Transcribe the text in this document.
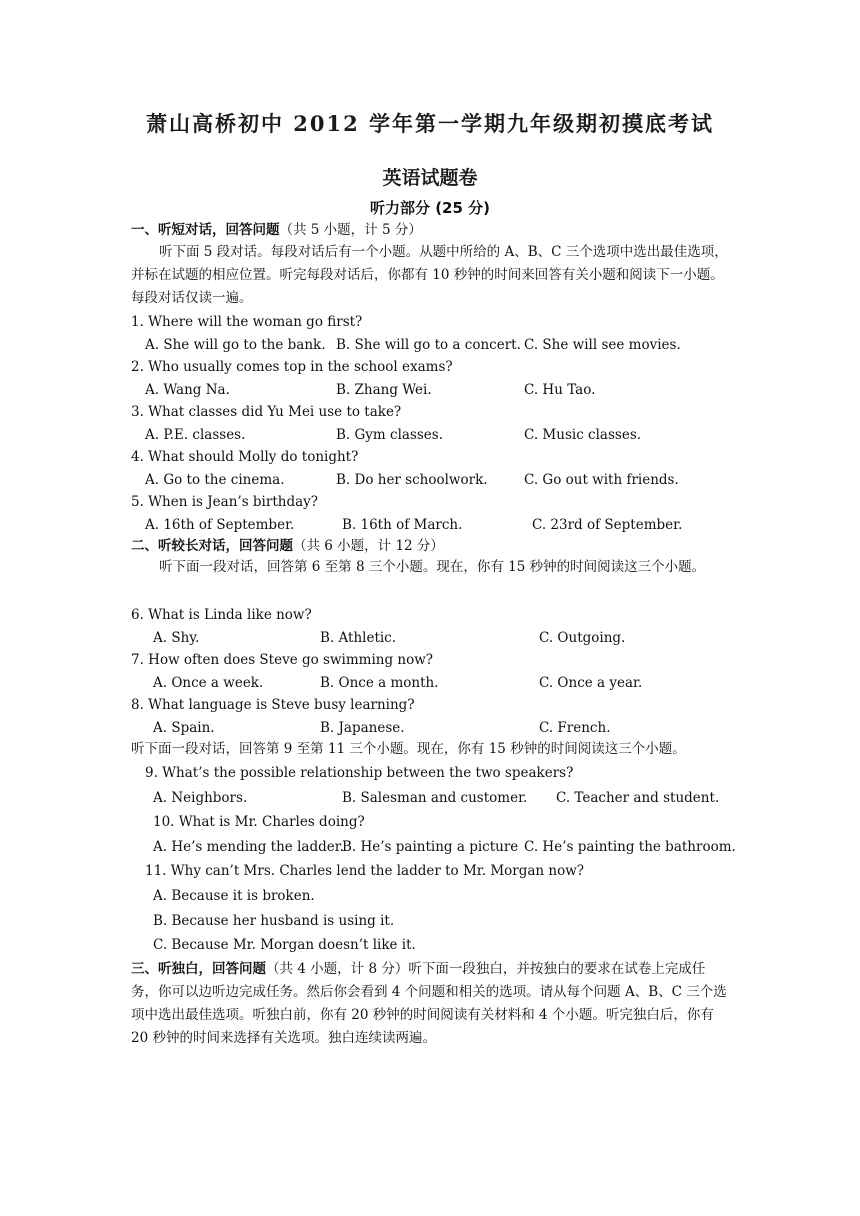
萧山高桥初中 2012 学年第一学期九年级期初摸底考试
英语试题卷
听力部分 (25 分)
一、听短对话，回答问题（共 5 小题，计 5 分）
听下面 5 段对话。每段对话后有一个小题。从题中所给的 A、B、C 三个选项中选出最佳选项，并标在试题的相应位置。听完每段对话后，你都有 10 秒钟的时间来回答有关小题和阅读下一小题。每段对话仅读一遍。
1. Where will the woman go first?
A. She will go to the bank. B. She will go to a concert. C. She will see movies.
2. Who usually comes top in the school exams?
A. Wang Na.	B. Zhang Wei.	C. Hu Tao.
3. What classes did Yu Mei use to take?
A. P.E. classes.	B. Gym classes.	C. Music classes.
4. What should Molly do tonight?
A. Go to the cinema.	B. Do her schoolwork.	C. Go out with friends.
5. When is Jean’s birthday?
A. 16th of September.	B. 16th of March.	C. 23rd of September.
二、听较长对话，回答问题（共 6 小题，计 12 分）
听下面一段对话，回答第 6 至第 8 三个小题。现在，你有 15 秒钟的时间阅读这三个小题。
6. What is Linda like now?
A. Shy.	B. Athletic.	C. Outgoing.
7. How often does Steve go swimming now?
A. Once a week.	B. Once a month.	C. Once a year.
8. What language is Steve busy learning?
A. Spain.	B. Japanese.	C. French.
听下面一段对话，回答第 9 至第 11 三个小题。现在，你有 15 秒钟的时间阅读这三个小题。
9. What’s the possible relationship between the two speakers?
A. Neighbors.	B. Salesman and customer. C. Teacher and student.
10. What is Mr. Charles doing?
A. He’s mending the ladder.
B. He’s painting a picture C. He’s painting the bathroom.
11. Why can’t Mrs. Charles lend the ladder to Mr. Morgan now?
A. Because it is broken.
B. Because her husband is using it.
C. Because Mr. Morgan doesn’t like it.
三、听独白，回答问题（共 4 小题，计 8 分）听下面一段独白，并按独白的要求在试卷上完成任务，你可以边听边完成任务。然后你会看到 4 个问题和相关的选项。请从每个问题 A、B、C 三个选项中选出最佳选项。听独白前，你有 20 秒钟的时间阅读有关材料和 4 个小题。听完独白后，你有 20 秒钟的时间来选择有关选项。独白连续读两遍。
